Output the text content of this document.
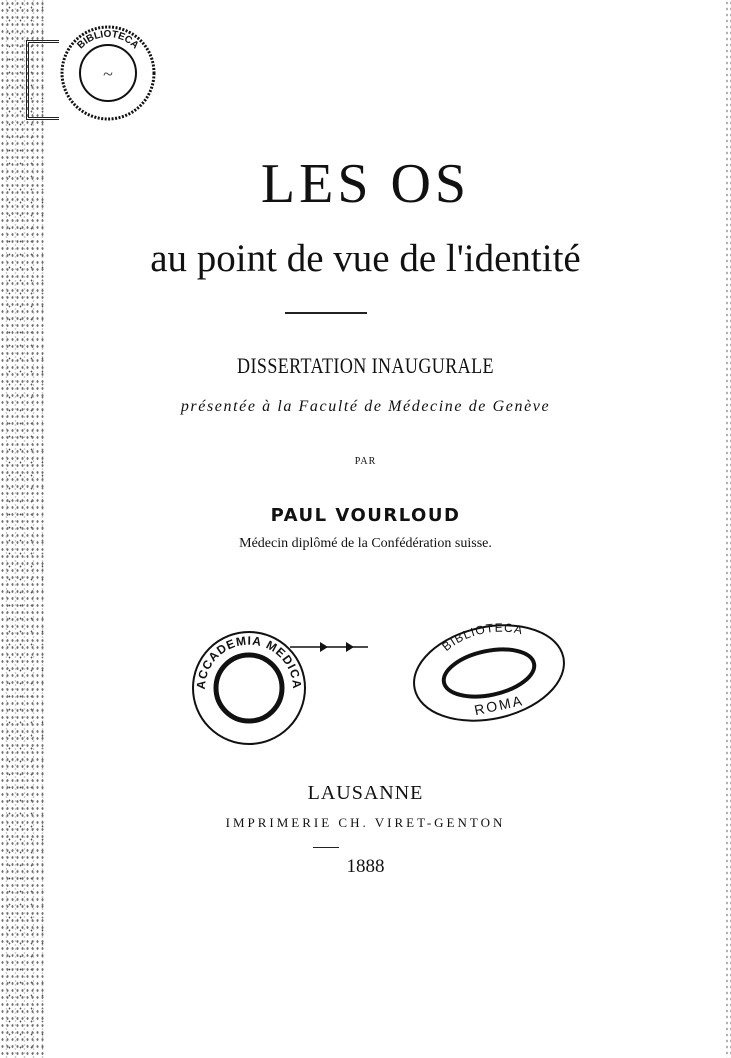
BIBLIOTECA
~
LES OS
au point de vue de l'identité
DISSERTATION INAUGURALE
présentée à la Faculté de Médecine de Genève
PAR
PAUL VOURLOUD
Médecin diplômé de la Confédération suisse.
ACCADEMIA MEDICA
BIBLIOTECA
ROMA
LAUSANNE
IMPRIMERIE CH. VIRET-GENTON
1888
